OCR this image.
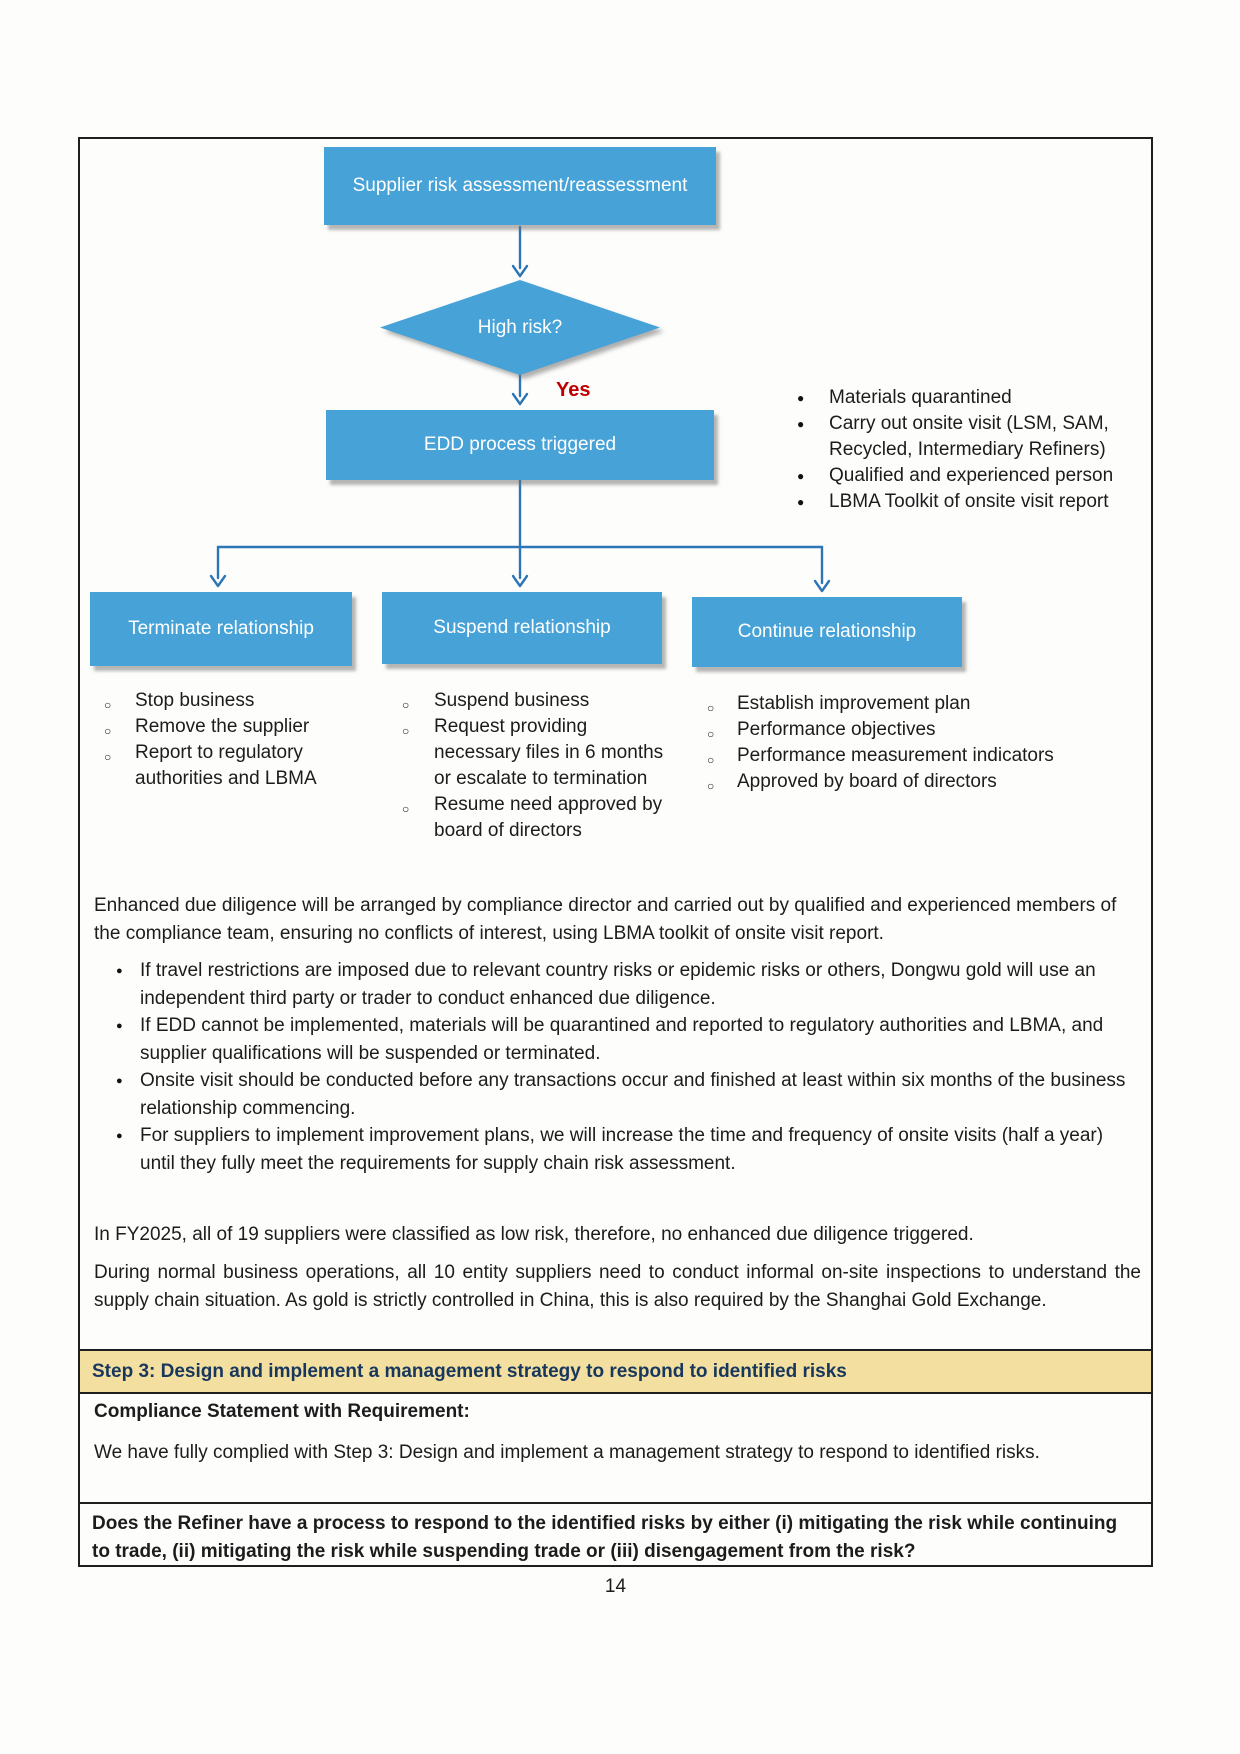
Supplier risk assessment/reassessment
High risk?
Yes
EDD process triggered
● Materials quarantined
● Carry out onsite visit (LSM, SAM, Recycled, Intermediary Refiners)
● Qualified and experienced person
● LBMA Toolkit of onsite visit report
Terminate relationship	Suspend relationship	Continue relationship
○ Stop business
○ Remove the supplier
○ Report to regulatory authorities and LBMA
○ Suspend business
○ Request providing necessary files in 6 months or escalate to termination
○ Resume need approved by board of directors
○ Establish improvement plan
○ Performance objectives
○ Performance measurement indicators
○ Approved by board of directors

Enhanced due diligence will be arranged by compliance director and carried out by qualified and experienced members of the compliance team, ensuring no conflicts of interest, using LBMA toolkit of onsite visit report.

● If travel restrictions are imposed due to relevant country risks or epidemic risks or others, Dongwu gold will use an independent third party or trader to conduct enhanced due diligence.
● If EDD cannot be implemented, materials will be quarantined and reported to regulatory authorities and LBMA, and supplier qualifications will be suspended or terminated.
● Onsite visit should be conducted before any transactions occur and finished at least within six months of the business relationship commencing.
● For suppliers to implement improvement plans, we will increase the time and frequency of onsite visits (half a year) until they fully meet the requirements for supply chain risk assessment.

In FY2025, all of 19 suppliers were classified as low risk, therefore, no enhanced due diligence triggered.

During normal business operations, all 10 entity suppliers need to conduct informal on-site inspections to understand the supply chain situation. As gold is strictly controlled in China, this is also required by the Shanghai Gold Exchange.

Step 3: Design and implement a management strategy to respond to identified risks
Compliance Statement with Requirement:
We have fully complied with Step 3: Design and implement a management strategy to respond to identified risks.
Does the Refiner have a process to respond to the identified risks by either (i) mitigating the risk while continuing to trade, (ii) mitigating the risk while suspending trade or (iii) disengagement from the risk?
14
